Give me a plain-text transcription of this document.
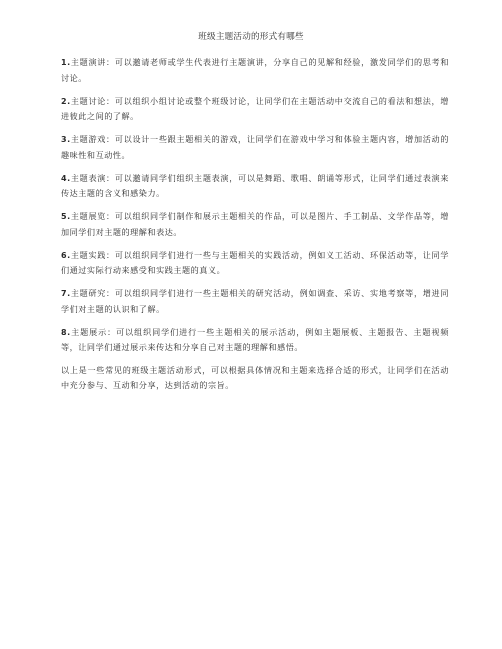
班级主题活动的形式有哪些

1.主题演讲：可以邀请老师或学生代表进行主题演讲，分享自己的见解和经验，激发同学们的思考和讨论。

2.主题讨论：可以组织小组讨论或整个班级讨论，让同学们在主题活动中交流自己的看法和想法，增进彼此之间的了解。

3.主题游戏：可以设计一些跟主题相关的游戏，让同学们在游戏中学习和体验主题内容，增加活动的趣味性和互动性。

4.主题表演：可以邀请同学们组织主题表演，可以是舞蹈、歌唱、朗诵等形式，让同学们通过表演来传达主题的含义和感染力。

5.主题展览：可以组织同学们制作和展示主题相关的作品，可以是图片、手工制品、文学作品等，增加同学们对主题的理解和表达。

6.主题实践：可以组织同学们进行一些与主题相关的实践活动，例如义工活动、环保活动等，让同学们通过实际行动来感受和实践主题的真义。

7.主题研究：可以组织同学们进行一些主题相关的研究活动，例如调查、采访、实地考察等，增进同学们对主题的认识和了解。

8.主题展示：可以组织同学们进行一些主题相关的展示活动，例如主题展板、主题报告、主题视频等，让同学们通过展示来传达和分享自己对主题的理解和感悟。

以上是一些常见的班级主题活动形式，可以根据具体情况和主题来选择合适的形式，让同学们在活动中充分参与、互动和分享，达到活动的宗旨。
